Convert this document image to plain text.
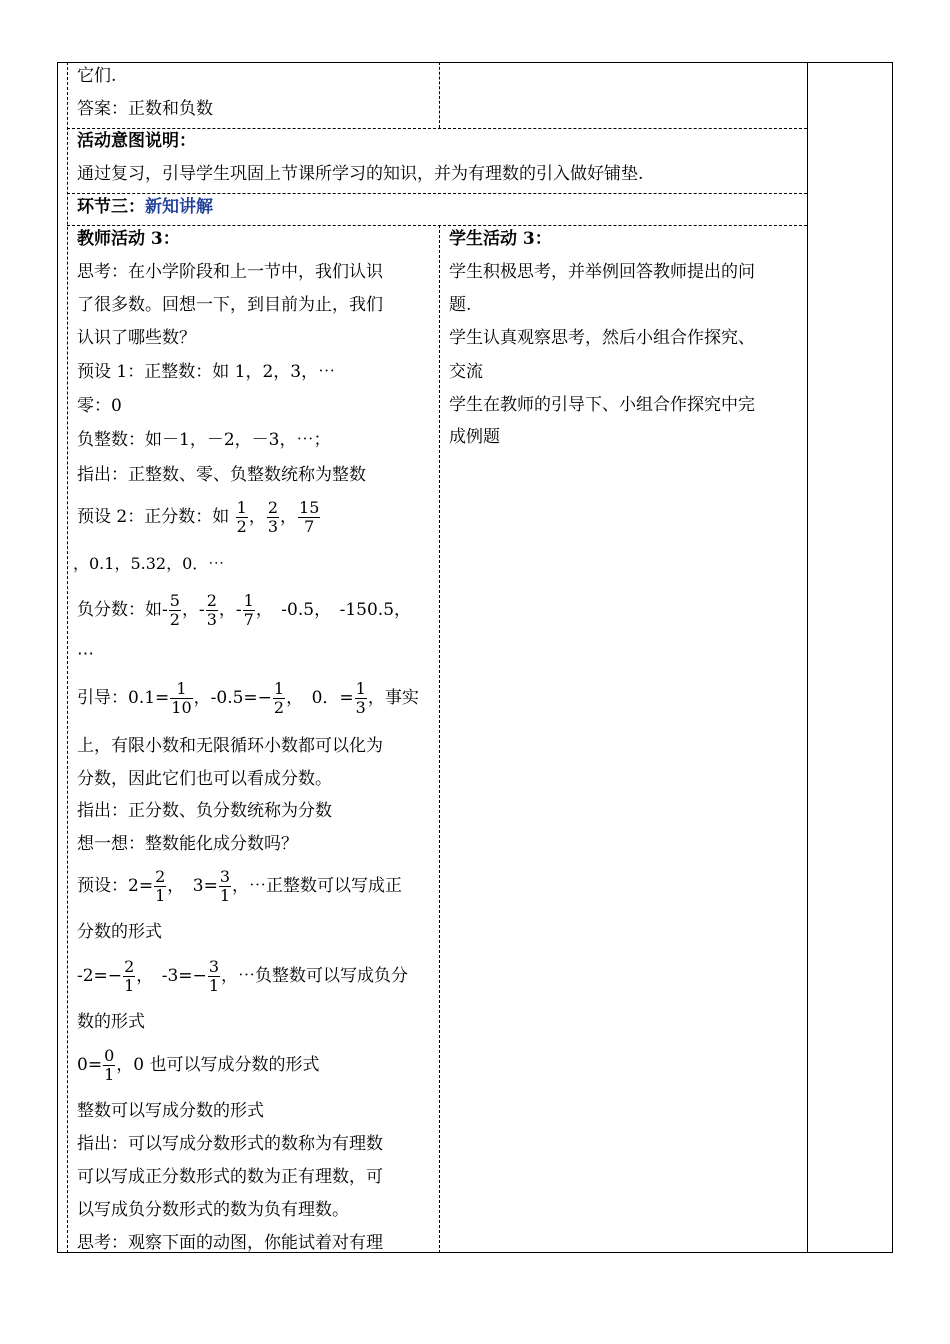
它们.
答案：正数和负数
活动意图说明：
通过复习，引导学生巩固上节课所学习的知识，并为有理数的引入做好铺垫.
环节三：新知讲解
教师活动 3：
思考：在小学阶段和上一节中，我们认识
了很多数。回想一下，到目前为止，我们
认识了哪些数？
预设 1：正整数：如 1，2，3，⋯
零：0
负整数：如－1，－2，－3，⋯；
指出：正整数、零、负整数统称为整数
预设 2：正分数：如 $\frac{1}{2}$ ， $\frac{2}{3}$ ， $\frac{15}{7}$
，0.1，5.32，0．⋯
负分数：如- $\frac{5}{2}$ ，- $\frac{2}{3}$ ，- $\frac{1}{7}$ ，　-0.5，　-150.5，
⋯
引导：$0.1= \frac{1}{10}$ ，$-0.5=- \frac{1}{2}$ ，　0．= $\frac{1}{3}$ ，事实
上，有限小数和无限循环小数都可以化为
分数，因此它们也可以看成分数。
指出：正分数、负分数统称为分数
想一想：整数能化成分数吗？
预设：$2= \frac{2}{1}$ ，　$3= \frac{3}{1}$ ，⋯正整数可以写成正
分数的形式
$-2=- \frac{2}{1}$ ，　$-3=- \frac{3}{1}$ ，⋯负整数可以写成负分
数的形式
$0= \frac{0}{1}$ ，0 也可以写成分数的形式
整数可以写成分数的形式
指出：可以写成分数形式的数称为有理数
可以写成正分数形式的数为正有理数，可
以写成负分数形式的数为负有理数。
思考：观察下面的动图，你能试着对有理
学生活动 3：
学生积极思考，并举例回答教师提出的问
题.
学生认真观察思考，然后小组合作探究、
交流
学生在教师的引导下、小组合作探究中完
成例题
